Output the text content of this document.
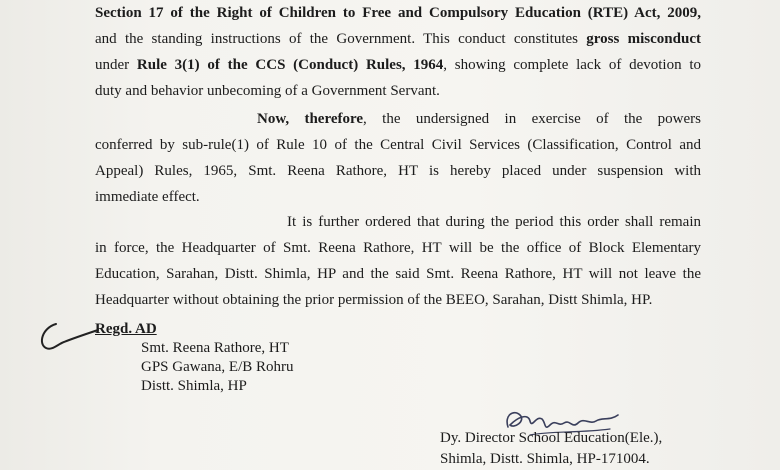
Section 17 of the Right of Children to Free and Compulsory Education (RTE) Act, 2009,
and the standing instructions of the Government. This conduct constitutes gross misconduct
under Rule 3(1) of the CCS (Conduct) Rules, 1964, showing complete lack of devotion to
duty and behavior unbecoming of a Government Servant.
Now, therefore, the undersigned in exercise of the powers
conferred by sub-rule(1) of Rule 10 of the Central Civil Services (Classification, Control and
Appeal) Rules, 1965, Smt. Reena Rathore, HT is hereby placed under suspension with
immediate effect.
It is further ordered that during the period this order shall remain
in force, the Headquarter of Smt. Reena Rathore, HT will be the office of Block Elementary
Education, Sarahan, Distt. Shimla, HP and the said Smt. Reena Rathore, HT will not leave the
Headquarter without obtaining the prior permission of the BEEO, Sarahan, Distt Shimla, HP.
Regd. AD
Smt. Reena Rathore, HT
GPS Gawana, E/B Rohru
Distt. Shimla, HP
Dy. Director School Education(Ele.),
Shimla, Distt. Shimla, HP-171004.
